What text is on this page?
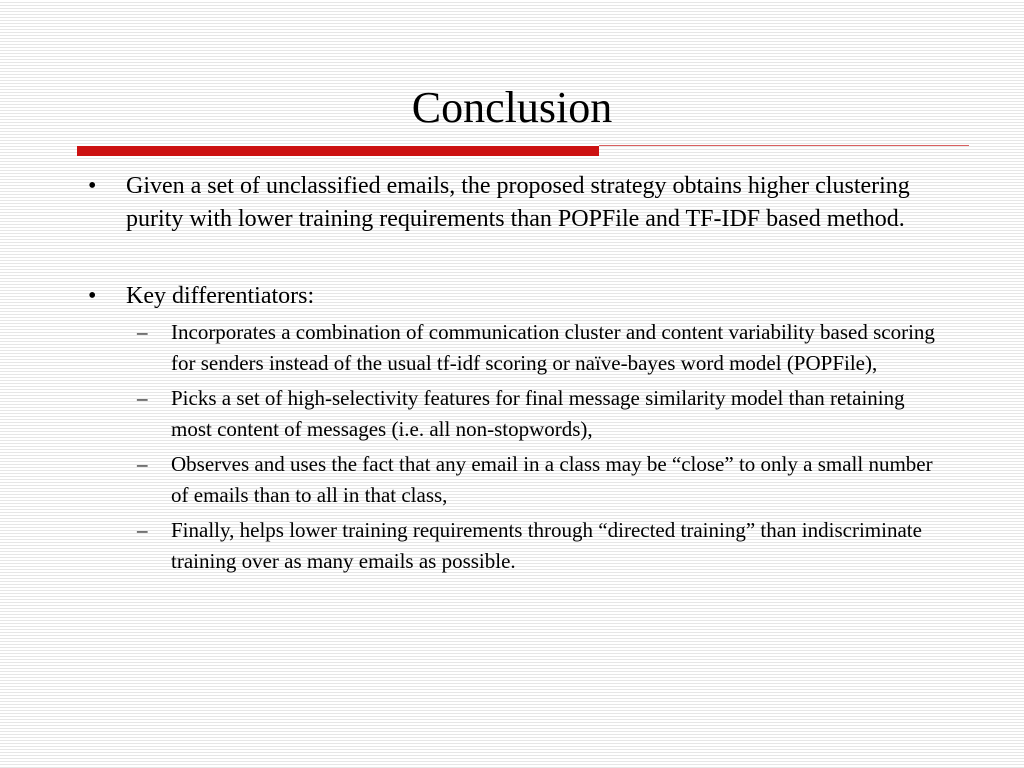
Conclusion

• Given a set of unclassified emails, the proposed strategy obtains higher clustering purity with lower training requirements than POPFile and TF-IDF based method.

• Key differentiators:

– Incorporates a combination of communication cluster and content variability based scoring for senders instead of the usual tf-idf scoring or naïve-bayes word model (POPFile),

– Picks a set of high-selectivity features for final message similarity model than retaining most content of messages (i.e. all non-stopwords),

– Observes and uses the fact that any email in a class may be “close” to only a small number of emails than to all in that class,

– Finally, helps lower training requirements through “directed training” than indiscriminate training over as many emails as possible.
